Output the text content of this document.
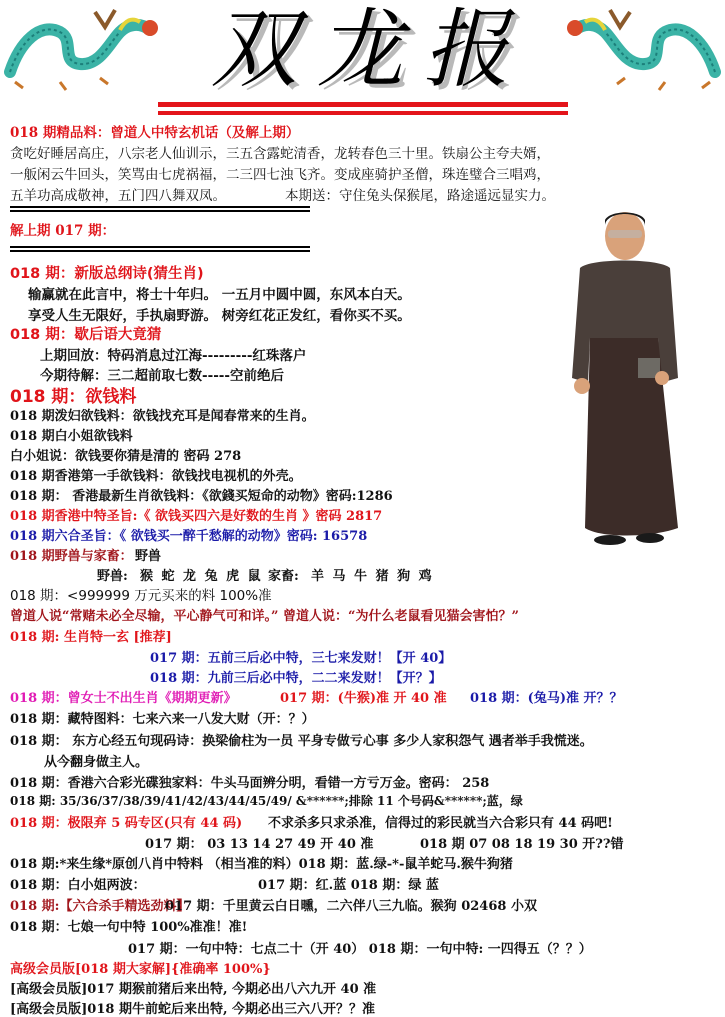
双龙报
018 期精品料：曾道人中特玄机话（及解上期）
贪吃好睡居高庄，八宗老人仙训示，三五含露蛇清香，龙转春色三十里。铁扇公主夸夫婿，
一舨闲云牛回头，笑骂由七虎祸福，二三四七浊飞齐。变成座骑护圣僧，珠连璧合三唱鸡，
五羊功高成敬神，五门四八舞双凤。	本期送：守住兔头保猴尾，路途遥远显实力。
解上期 017 期：
018 期：新版总纲诗(猜生肖)
输赢就在此言中，将士十年归。 一五月中圆中圆，东风本白天。
享受人生无限好，手执扇野游。 树旁红花正发红，看你买不买。
018 期：歇后语大竟猜
上期回放：特码消息过江海---------红珠落户
今期待解：三二超前取七数-----空前绝后
018 期：欲钱料
018 期泼妇欲钱料：欲钱找充耳是闻春常来的生肖。
018 期白小姐欲钱料
白小姐说：欲钱要你猜是清的 密码 278
018 期香港第一手欲钱料：欲钱找电视机的外壳。
018 期： 香港最新生肖欲钱料：《欲錢买短命的动物》密码:1286
018 期香港中特圣旨:《 欲钱买四六是好数的生肖 》密码 2817
018 期六合圣旨：《 欲钱买一醉千愁解的动物》密码: 16578
018 期野兽与家畜： 野兽
野兽: 猴 蛇 龙 兔 虎 鼠 家畜: 羊 马 牛 猪 狗 鸡
018 期：<999999 万元买来的料 100%准
曾道人说“常赌未必全尽输，平心静气可和详。” 曾道人说：“为什么老鼠看见猫会害怕？”
018 期: 生肖特一玄 [推荐]
017 期：五前三后必中特，三七来发财！【开 40】
018 期：九前三后必中特，二二来发财！【开？】
018 期：曾女士不出生肖《期期更新》	017 期：(牛猴)准 开 40 准 018 期：(兔马)准 开？？
018 期：藏特图料：七来六来一八发大财（开：？）
018 期： 东方心经五句现码诗：换梁偷柱为一员 平身专做亏心事 多少人家积怨气 遇者举手我慌迷。
从今翻身做主人。
018 期：香港六合彩光碟独家料：牛头马面辨分明，看错一方亏万金。密码： 258
018 期: 35/36/37/38/39/41/42/43/44/45/49/ &******;排除 11 个号码&******;蓝，绿
018 期：极限弃 5 码专区(只有 44 码) 不求杀多只求杀准，信得过的彩民就当六合彩只有 44 码吧!
017 期： 03 13 14 27 49 开 40 准	018 期 07 08 18 19 30 开??错
018 期:*来生缘*原创八肖中特料 （相当准的料）018 期：蓝.绿-*-鼠羊蛇马.猴牛狗猪
018 期：白小姐两波：	017 期：红.蓝 018 期：绿 蓝
018 期:【六合杀手精选劲料】
017 期：千里黄云白日曛，二六伴八三九临。猴狗 02468 小双
018 期：七娘一句中特 100%准准！准!
017 期：一句中特：七点二十（开 40） 018 期：一句中特: 一四得五（？？）
高级会员版[018 期大家解]{准确率 100%}
[高级会员版]017 期猴前猪后来出特, 今期必出八六九开 40 准
[高级会员版]018 期牛前蛇后来出特, 今期必出三六八开？？准
